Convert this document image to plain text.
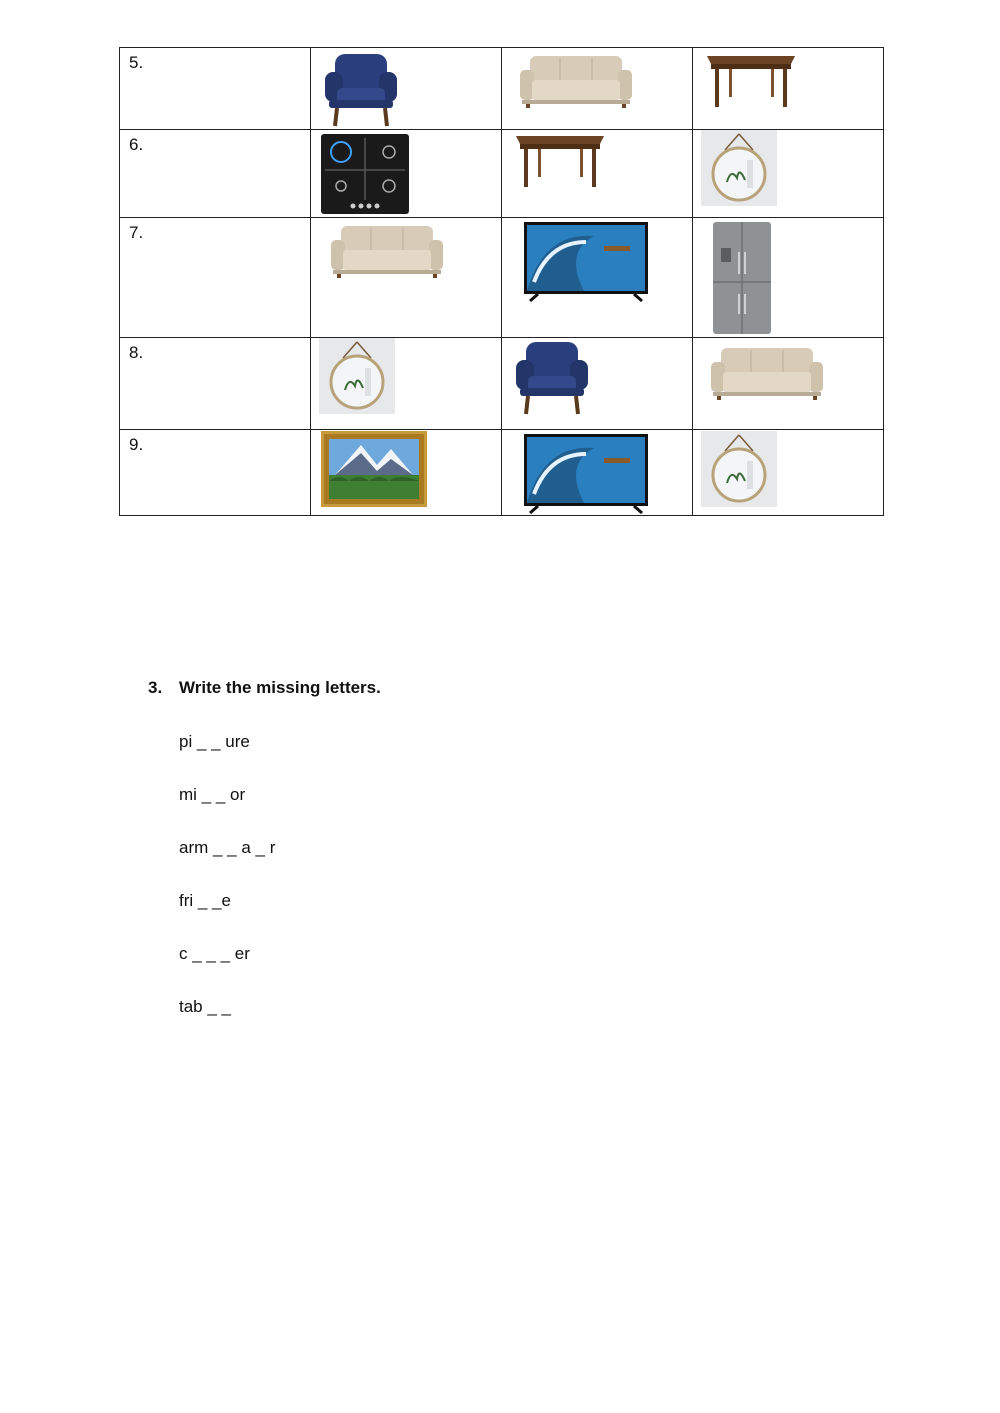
5.

6.

7.

8.

9.

3. Write the missing letters.
pi _ _ ure
mi _ _ or
arm _ _ a _ r
fri _ _e
c _ _ _ er
tab _ _
